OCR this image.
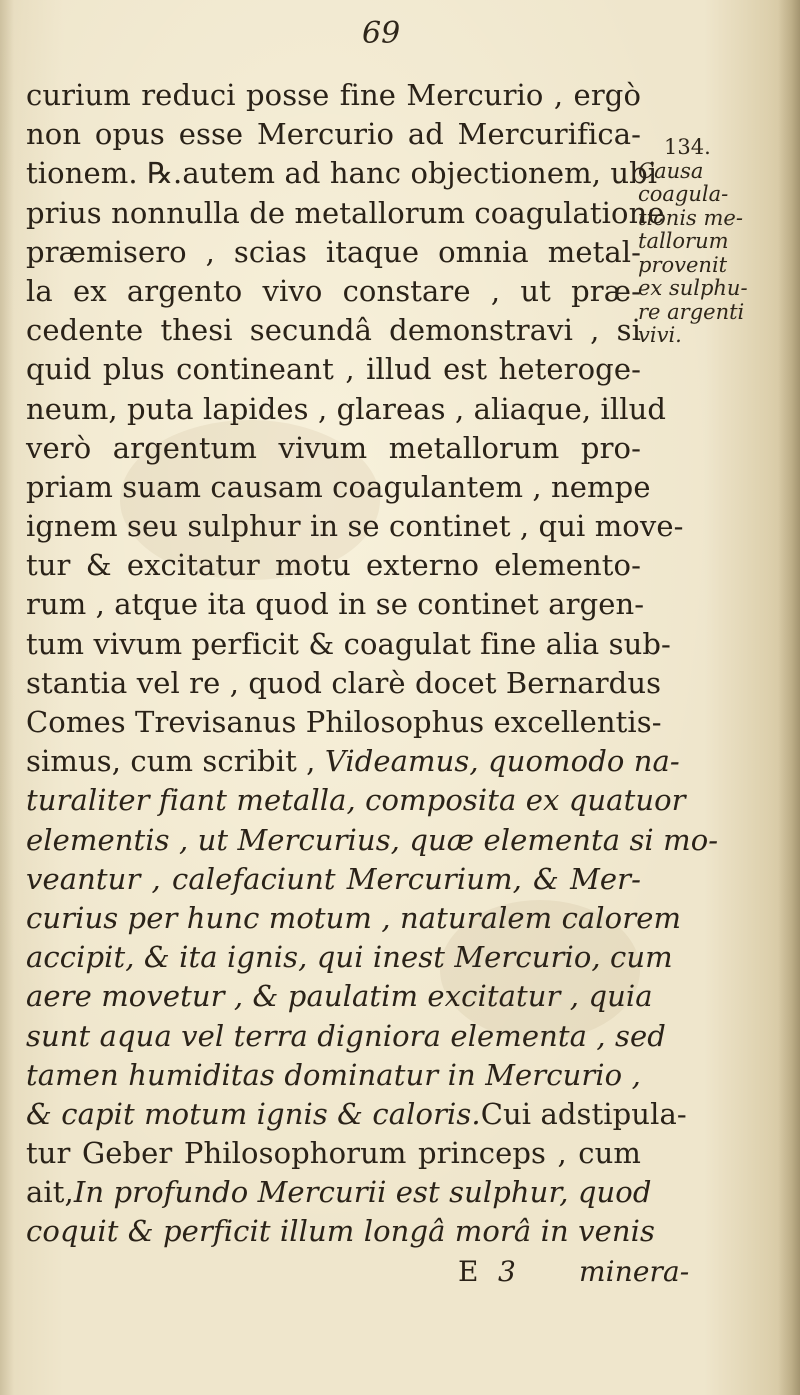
69
curium reduci posse fine Mercurio , ergò
non opus esse Mercurio ad Mercurifica-
tionem. ℞.autem ad hanc objectionem, ubi
prius nonnulla de metallorum coagulatione
præmisero , scias itaque omnia metal-
la ex argento vivo constare , ut præ-
cedente thesi secundâ demonstravi , si
quid plus contineant , illud est heteroge-
neum, puta lapides , glareas , aliaque, illud
verò argentum vivum metallorum pro-
priam suam causam coagulantem , nempe
ignem seu sulphur in se continet , qui move-
tur & excitatur motu externo elemento-
rum , atque ita quod in se continet argen-
tum vivum perficit & coagulat fine alia sub-
stantia vel re , quod clarè docet Bernardus
Comes Trevisanus Philosophus excellentis-
simus, cum scribit , Videamus, quomodo na-
turaliter fiant metalla, composita ex quatuor
elementis , ut Mercurius, quæ elementa si mo-
veantur , calefaciunt Mercurium, & Mer-
curius per hunc motum , naturalem calorem
accipit, & ita ignis, qui inest Mercurio, cum
aere movetur , & paulatim excitatur , quia
sunt aqua vel terra digniora elementa , sed
tamen humiditas dominatur in Mercurio ,
& capit motum ignis & caloris.Cui adstipula-
tur Geber Philosophorum princeps , cum
ait,In profundo Mercurii est sulphur, quod
coquit & perficit illum longâ morâ in venis
E 3 minera-
134.
Causa
coagula-
tionis me-
tallorum
provenit
ex sulphu-
re argenti
vivi.
